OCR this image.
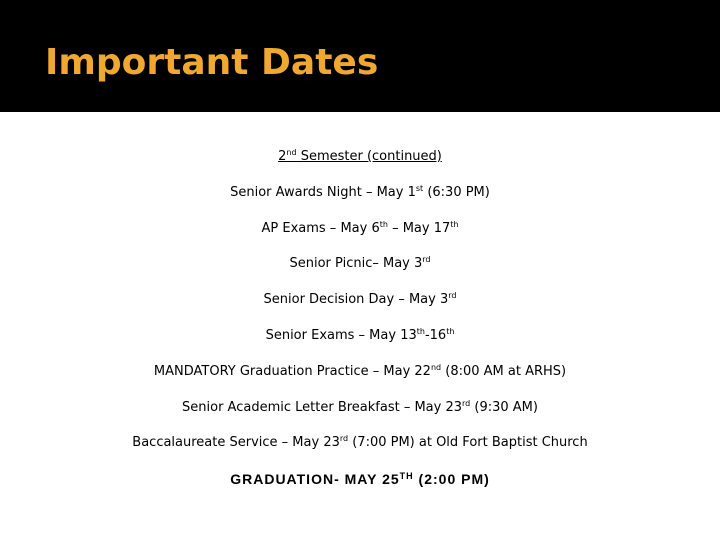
Important Dates
2nd Semester (continued)
Senior Awards Night – May 1st (6:30 PM)
AP Exams – May 6th – May 17th
Senior Picnic– May 3rd
Senior Decision Day – May 3rd
Senior Exams – May 13th-16th
MANDATORY Graduation Practice – May 22nd (8:00 AM at ARHS)
Senior Academic Letter Breakfast – May 23rd (9:30 AM)
Baccalaureate Service – May 23rd (7:00 PM) at Old Fort Baptist Church
GRADUATION- MAY 25TH (2:00 PM)
